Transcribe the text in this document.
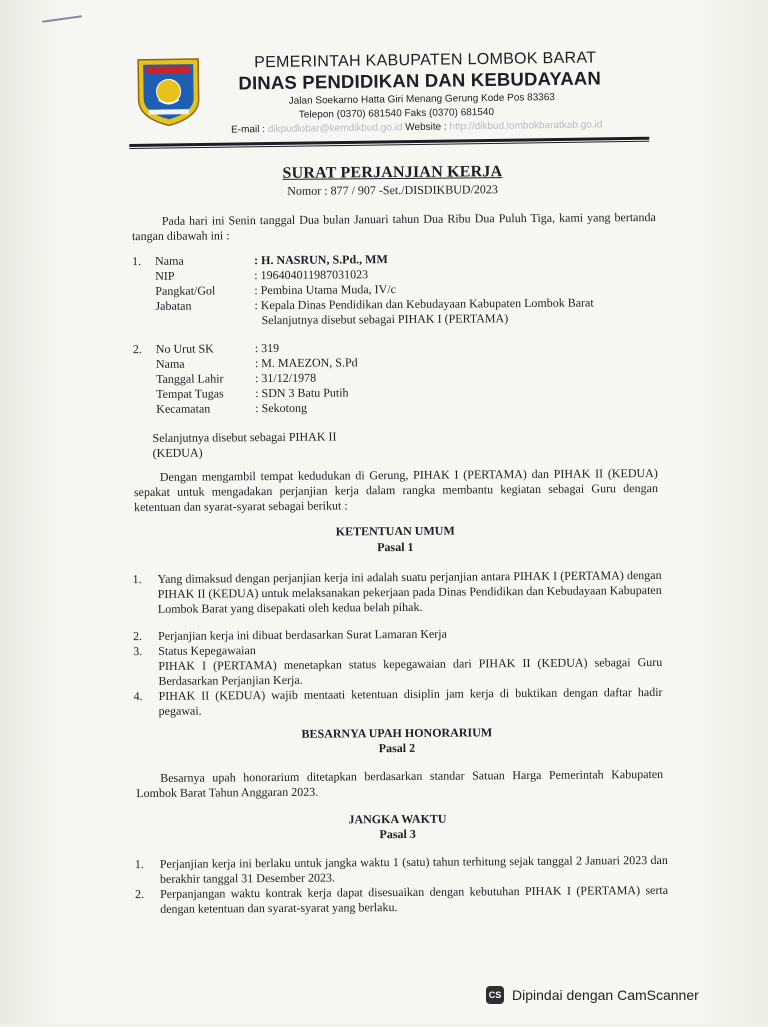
PEMERINTAH KABUPATEN LOMBOK BARAT
DINAS PENDIDIKAN DAN KEBUDAYAAN
Jalan Soekarno Hatta Giri Menang Gerung Kode Pos 83363
Telepon (0370) 681540 Faks (0370) 681540
E-mail : dikpudlobar@kemdikbud.go.id Website : http://dikbud.lombokbaratkab.go.id
SURAT PERJANJIAN KERJA
Nomor : 877 / 907 -Set./DISDIKBUD/2023
Pada hari ini Senin tanggal Dua bulan Januari tahun Dua Ribu Dua Puluh Tiga, kami yang bertanda tangan dibawah ini :
1. Nama	: H. NASRUN, S.Pd., MM
NIP	: 196404011987031023
Pangkat/Gol	: Pembina Utama Muda, IV/c
Jabatan	: Kepala Dinas Pendidikan dan Kebudayaan Kabupaten Lombok Barat
Selanjutnya disebut sebagai PIHAK I (PERTAMA)
2. No Urut SK	: 319
Nama	: M. MAEZON, S.Pd
Tanggal Lahir	: 31/12/1978
Tempat Tugas	: SDN 3 Batu Putih
Kecamatan	: Sekotong
Selanjutnya disebut sebagai PIHAK II
(KEDUA)
Dengan mengambil tempat kedudukan di Gerung, PIHAK I (PERTAMA) dan PIHAK II (KEDUA) sepakat untuk mengadakan perjanjian kerja dalam rangka membantu kegiatan sebagai Guru dengan ketentuan dan syarat-syarat sebagai berikut :
KETENTUAN UMUM
Pasal 1
1. Yang dimaksud dengan perjanjian kerja ini adalah suatu perjanjian antara PIHAK I (PERTAMA) dengan PIHAK II (KEDUA) untuk melaksanakan pekerjaan pada Dinas Pendidikan dan Kebudayaan Kabupaten Lombok Barat yang disepakati oleh kedua belah pihak.
2. Perjanjian kerja ini dibuat berdasarkan Surat Lamaran Kerja
3. Status Kepegawaian
PIHAK I (PERTAMA) menetapkan status kepegawaian dari PIHAK II (KEDUA) sebagai Guru Berdasarkan Perjanjian Kerja.
4. PIHAK II (KEDUA) wajib mentaati ketentuan disiplin jam kerja di buktikan dengan daftar hadir pegawai.
BESARNYA UPAH HONORARIUM
Pasal 2
Besarnya upah honorarium ditetapkan berdasarkan standar Satuan Harga Pemerintah Kabupaten Lombok Barat Tahun Anggaran 2023.
JANGKA WAKTU
Pasal 3
1. Perjanjian kerja ini berlaku untuk jangka waktu 1 (satu) tahun terhitung sejak tanggal 2 Januari 2023 dan berakhir tanggal 31 Desember 2023.
2. Perpanjangan waktu kontrak kerja dapat disesuaikan dengan kebutuhan PIHAK I (PERTAMA) serta dengan ketentuan dan syarat-syarat yang berlaku.
CS Dipindai dengan CamScanner
